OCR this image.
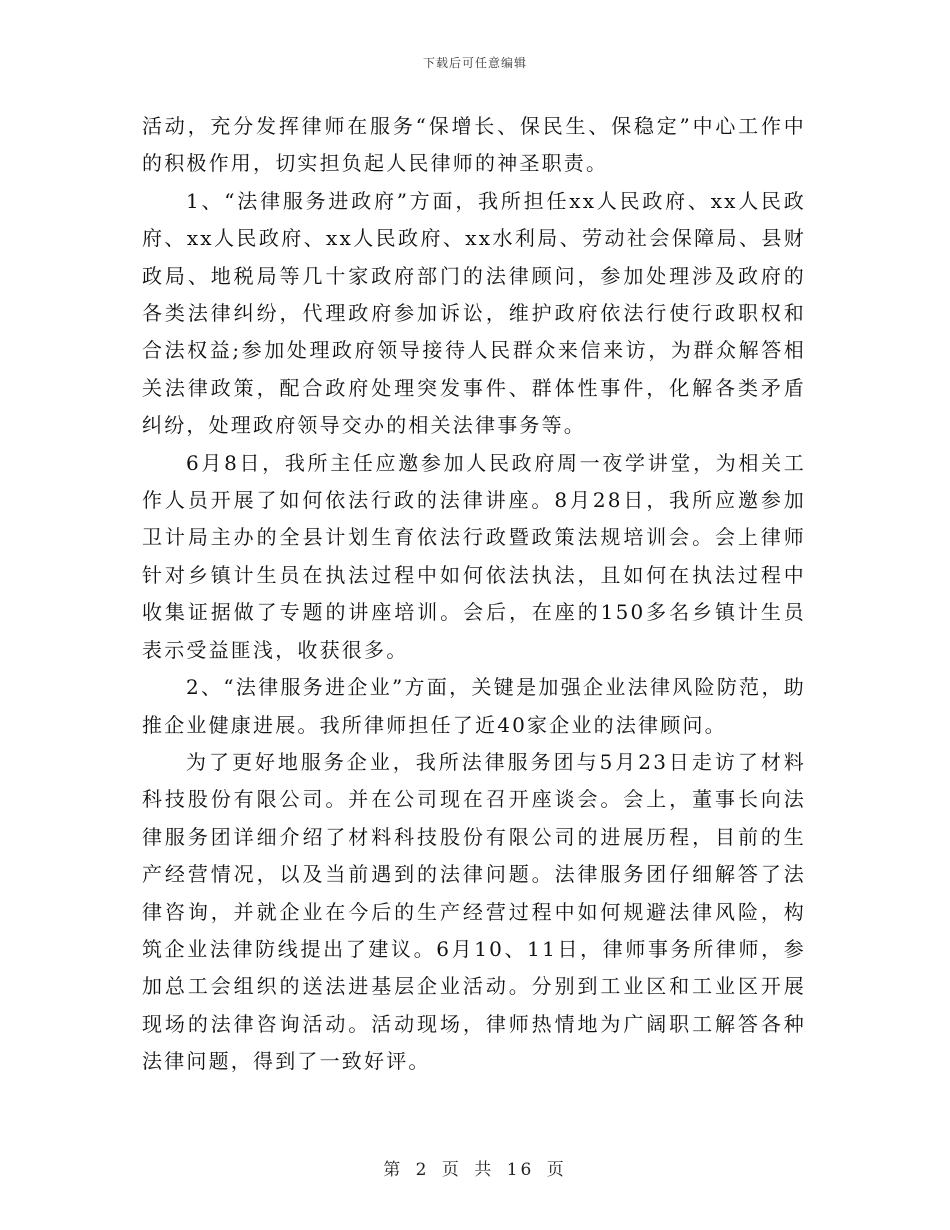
下载后可任意编辑

活动，充分发挥律师在服务“保增长、保民生、保稳定”中心工作中的积极作用，切实担负起人民律师的神圣职责。

1、“法律服务进政府”方面，我所担任xx人民政府、xx人民政府、xx人民政府、xx人民政府、xx水利局、劳动社会保障局、县财政局、地税局等几十家政府部门的法律顾问，参加处理涉及政府的各类法律纠纷，代理政府参加诉讼，维护政府依法行使行政职权和合法权益;参加处理政府领导接待人民群众来信来访，为群众解答相关法律政策，配合政府处理突发事件、群体性事件，化解各类矛盾纠纷，处理政府领导交办的相关法律事务等。

6月8日，我所主任应邀参加人民政府周一夜学讲堂，为相关工作人员开展了如何依法行政的法律讲座。8月28日，我所应邀参加卫计局主办的全县计划生育依法行政暨政策法规培训会。会上律师针对乡镇计生员在执法过程中如何依法执法，且如何在执法过程中收集证据做了专题的讲座培训。会后，在座的150多名乡镇计生员表示受益匪浅，收获很多。

2、“法律服务进企业”方面，关键是加强企业法律风险防范，助推企业健康进展。我所律师担任了近40家企业的法律顾问。

为了更好地服务企业，我所法律服务团与5月23日走访了材料科技股份有限公司。并在公司现在召开座谈会。会上，董事长向法律服务团详细介绍了材料科技股份有限公司的进展历程，目前的生产经营情况，以及当前遇到的法律问题。法律服务团仔细解答了法律咨询，并就企业在今后的生产经营过程中如何规避法律风险，构筑企业法律防线提出了建议。6月10、11日，律师事务所律师，参加总工会组织的送法进基层企业活动。分别到工业区和工业区开展现场的法律咨询活动。活动现场，律师热情地为广阔职工解答各种法律问题，得到了一致好评。

第 2 页 共 16 页
